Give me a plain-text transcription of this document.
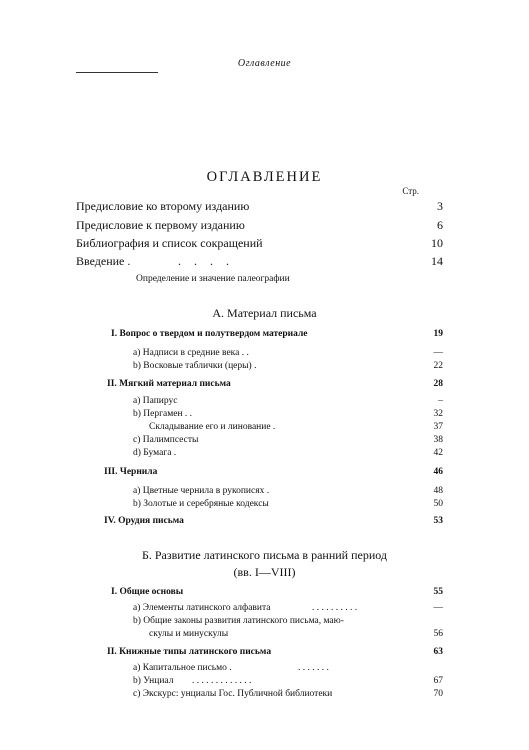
Оглавление
ОГЛАВЛЕНИЕ
Стр.
Предисловие ко второму изданию	3
Предисловие к первому изданию	6
Библиография и список сокращений	10
Введение .	. . . .	14
Определение и значение палеографии
А. Материал письма
I. Вопрос о твердом и полутвердом материале	19
а) Надписи в средние века . .	—
b) Восковые таблички (церы) .	22
II. Мягкий материал письма	28
а) Папирус	–
b) Пергамен . .	32
Складывание его и линование .	37
с) Палимпсесты	38
d) Бумага .	42
III. Чернила	46
а) Цветные чернила в рукописях .	48
b) Золотые и серебряные кодексы	50
IV. Орудия письма	53
Б. Развитие латинского письма в ранний период
(вв. I—VIII)
I. Общие основы	55
а) Элементы латинского алфавита	. . . . . . . . . .	—
b) Общие законы развития латинского письма, маю-
скулы и минускулы	56
II. Книжные типы латинского письма	63
а) Капитальное письмо .	. . . . . . .
b) Унциал . . . . . . . . . . . . .	67
с) Экскурс: унциалы Гос. Публичной библиотеки	70
